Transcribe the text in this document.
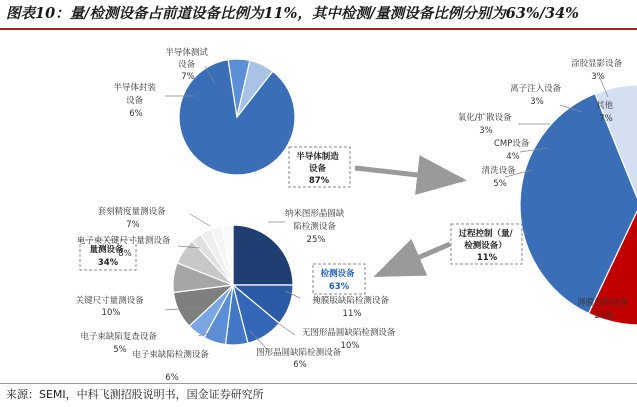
图表10：量/检测设备占前道设备比例为11%，其中检测/量测设备比例分别为63%/34%
半导体测试 设备 7%
半导体封装 设备 6%
半导体制造 设备 87%
涂胶显影设备 3%
离子注入设备 3%	其他 7%
氧化/扩散设备 3%
CMP设备 4%
清洗设备 5%
过程控制（量/ 检测设备） 11%
薄膜沉积设备 21%
纳米图形晶圆缺 陷检测设备 25%
检测设备 63%
掩膜版缺陷检测设备 11%
无图形晶圆缺陷检测设备 10%
图形晶圆缺陷检测设备 6%
电子束缺陷检测设备 6%
电子束缺陷复查设备 5%
关键尺寸量测设备 10%
量测设备 34%
电子束关键尺寸量测设备 8%
套刻精度量测设备 7%
来源：SEMI，中科飞测招股说明书，国金证券研究所
